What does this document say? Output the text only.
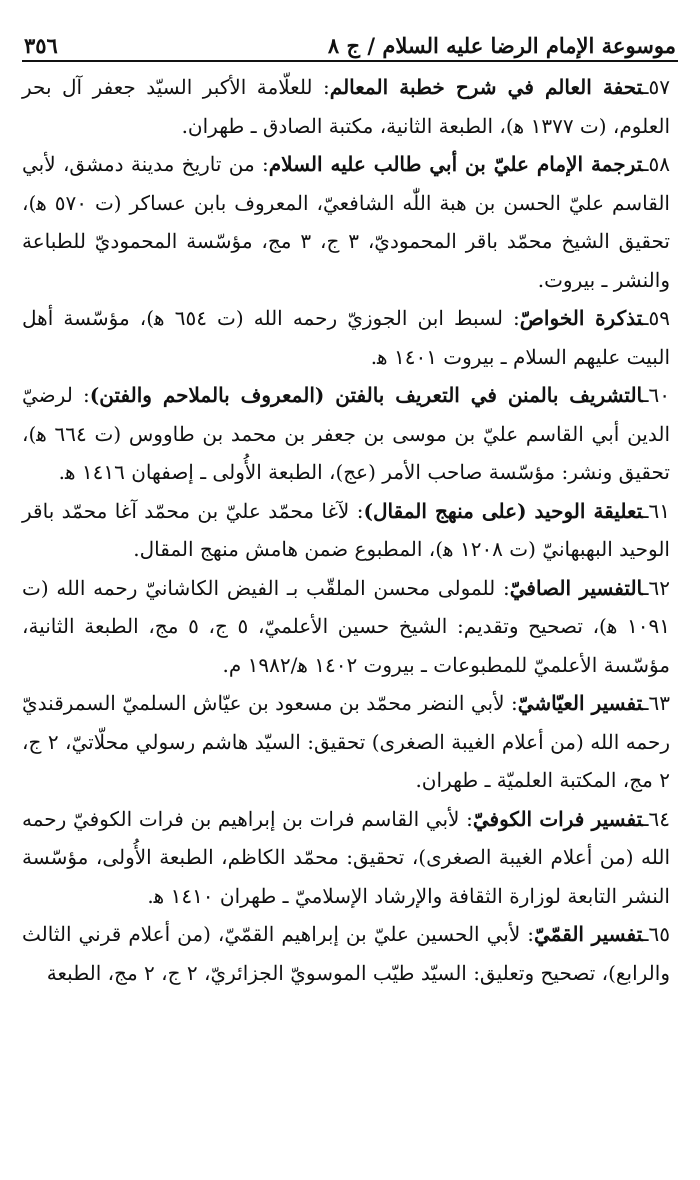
موسوعة الإمام الرضا عليه السلام / ج ٨
٣٥٦

٥٧ـتحفة العالم في شرح خطبة المعالم: للعلّامة الأكبر السيّد جعفر آل بحر العلوم، (ت ١٣٧٧ ﻫ)، الطبعة الثانية، مكتبة الصادق ـ طهران.

٥٨ـترجمة الإمام عليّ بن أبي طالب عليه السلام: من تاريخ مدينة دمشق، لأبي القاسم عليّ الحسن بن هبة اللّٰه الشافعيّ، المعروف بابن عساكر (ت ٥٧٠ ﻫ)، تحقيق الشيخ محمّد باقر المحموديّ، ٣ ج، ٣ مج، مؤسّسة المحموديّ للطباعة والنشر ـ بيروت.

٥٩ـتذكرة الخواصّ: لسبط ابن الجوزيّ رحمه الله (ت ٦٥٤ ﻫ)، مؤسّسة أهل البيت عليهم السلام ـ بيروت ١٤٠١ ﻫ.

٦٠ـالتشريف بالمنن في التعريف بالفتن (المعروف بالملاحم والفتن): لرضيّ الدين أبي القاسم عليّ بن موسى بن جعفر بن محمد بن طاووس (ت ٦٦٤ ﻫ)، تحقيق ونشر: مؤسّسة صاحب الأمر (عج)، الطبعة الأُولى ـ إصفهان ١٤١٦ ﻫ.

٦١ـتعليقة الوحيد (على منهج المقال): لآغا محمّد عليّ بن محمّد آغا محمّد باقر الوحيد البهبهانيّ (ت ١٢٠٨ ﻫ)، المطبوع ضمن هامش منهج المقال.

٦٢ـالتفسير الصافيّ: للمولى محسن الملقّب بـ الفيض الكاشانيّ رحمه الله (ت ١٠٩١ ﻫ)، تصحيح وتقديم: الشيخ حسين الأعلميّ، ٥ ج، ٥ مج، الطبعة الثانية، مؤسّسة الأعلميّ للمطبوعات ـ بيروت ١٤٠٢ ﻫ/١٩٨٢ م.

٦٣ـتفسير العيّاشيّ: لأبي النضر محمّد بن مسعود بن عيّاش السلميّ السمرقنديّ رحمه الله (من أعلام الغيبة الصغرى) تحقيق: السيّد هاشم رسولي محلّاتيّ، ٢ ج، ٢ مج، المكتبة العلميّة ـ طهران.

٦٤ـتفسير فرات الكوفيّ: لأبي القاسم فرات بن إبراهيم بن فرات الكوفيّ رحمه الله (من أعلام الغيبة الصغرى)، تحقيق: محمّد الكاظم، الطبعة الأُولى، مؤسّسة النشر التابعة لوزارة الثقافة والإرشاد الإسلاميّ ـ طهران ١٤١٠ ﻫ.

٦٥ـتفسير القمّيّ: لأبي الحسين عليّ بن إبراهيم القمّيّ، (من أعلام قرني الثالث والرابع)، تصحيح وتعليق: السيّد طيّب الموسويّ الجزائريّ، ٢ ج، ٢ مج، الطبعة
